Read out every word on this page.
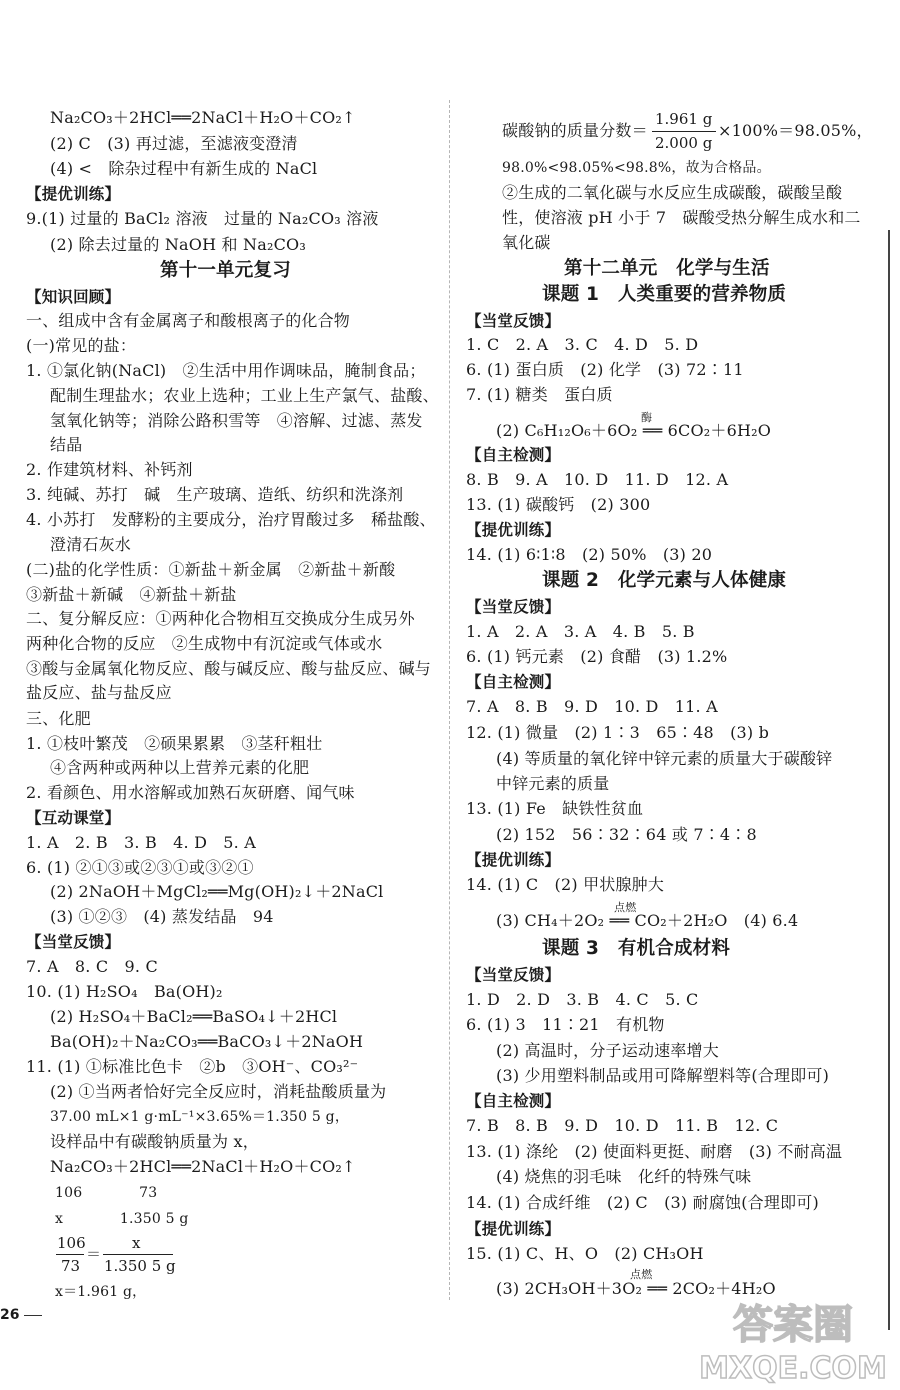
Na₂CO₃＋2HCl══2NaCl＋H₂O＋CO₂↑
(2) C　(3) 再过滤，至滤液变澄清
(4) <　除杂过程中有新生成的 NaCl
【提优训练】
9.(1) 过量的 BaCl₂ 溶液　过量的 Na₂CO₃ 溶液
(2) 除去过量的 NaOH 和 Na₂CO₃
第十一单元复习
【知识回顾】
一、组成中含有金属离子和酸根离子的化合物
(一)常见的盐：
1. ①氯化钠(NaCl)　②生活中用作调味品，腌制食品；
配制生理盐水；农业上选种；工业上生产氯气、盐酸、
氢氧化钠等；消除公路积雪等　④溶解、过滤、蒸发
结晶
2. 作建筑材料、补钙剂
3. 纯碱、苏打　碱　生产玻璃、造纸、纺织和洗涤剂
4. 小苏打　发酵粉的主要成分，治疗胃酸过多　稀盐酸、
澄清石灰水
(二)盐的化学性质：①新盐＋新金属　②新盐＋新酸
③新盐＋新碱　④新盐＋新盐
二、复分解反应：①两种化合物相互交换成分生成另外
两种化合物的反应　②生成物中有沉淀或气体或水
③酸与金属氧化物反应、酸与碱反应、酸与盐反应、碱与
盐反应、盐与盐反应
三、化肥
1. ①枝叶繁茂　②硕果累累　③茎秆粗壮
④含两种或两种以上营养元素的化肥
2. 看颜色、用水溶解或加熟石灰研磨、闻气味
【互动课堂】
1. A　2. B　3. B　4. D　5. A
6. (1) ②①③或②③①或③②①
(2) 2NaOH＋MgCl₂══Mg(OH)₂↓＋2NaCl
(3) ①②③　(4) 蒸发结晶　94
【当堂反馈】
7. A　8. C　9. C
10. (1) H₂SO₄　Ba(OH)₂
(2) H₂SO₄＋BaCl₂══BaSO₄↓＋2HCl
Ba(OH)₂＋Na₂CO₃══BaCO₃↓＋2NaOH
11. (1) ①标准比色卡　②b　③OH⁻、CO₃²⁻
(2) ①当两者恰好完全反应时，消耗盐酸质量为
37.00 mL×1 g·mL⁻¹×3.65%＝1.350 5 g，
设样品中有碳酸钠质量为 x，
Na₂CO₃＋2HCl══2NaCl＋H₂O＋CO₂↑
106　　　　73
x　　　　1.350 5 g
106
73
＝
x
1.350 5 g
x＝1.961 g，
碳酸钠的质量分数＝
1.961 g
2.000 g
×100%＝98.05%，
98.0%<98.05%<98.8%，故为合格品。
②生成的二氧化碳与水反应生成碳酸，碳酸呈酸
性，使溶液 pH 小于 7　碳酸受热分解生成水和二
氧化碳
第十二单元　化学与生活
课题 1　人类重要的营养物质
【当堂反馈】
1. C　2. A　3. C　4. D　5. D
6. (1) 蛋白质　(2) 化学　(3) 72∶11
7. (1) 糖类　蛋白质
(2) C₆H₁₂O₆＋6O₂ ══ 6CO₂＋6H₂O
酶
【自主检测】
8. B　9. A　10. D　11. D　12. A
13. (1) 碳酸钙　(2) 300
【提优训练】
14. (1) 6∶1∶8　(2) 50%　(3) 20
课题 2　化学元素与人体健康
【当堂反馈】
1. A　2. A　3. A　4. B　5. B
6. (1) 钙元素　(2) 食醋　(3) 1.2%
【自主检测】
7. A　8. B　9. D　10. D　11. A
12. (1) 微量　(2) 1∶3　65∶48　(3) b
(4) 等质量的氧化锌中锌元素的质量大于碳酸锌
中锌元素的质量
13. (1) Fe　缺铁性贫血
(2) 152　56∶32∶64 或 7∶4∶8
【提优训练】
14. (1) C　(2) 甲状腺肿大
(3) CH₄＋2O₂ ══ CO₂＋2H₂O　(4) 6.4
点燃
课题 3　有机合成材料
【当堂反馈】
1. D　2. D　3. B　4. C　5. C
6. (1) 3　11∶21　有机物
(2) 高温时，分子运动速率增大
(3) 少用塑料制品或用可降解塑料等(合理即可)
【自主检测】
7. B　8. B　9. D　10. D　11. B　12. C
13. (1) 涤纶　(2) 使面料更挺、耐磨　(3) 不耐高温
(4) 烧焦的羽毛味　化纤的特殊气味
14. (1) 合成纤维　(2) C　(3) 耐腐蚀(合理即可)
【提优训练】
15. (1) C、H、O　(2) CH₃OH
(3) 2CH₃OH＋3O₂ ══ 2CO₂＋4H₂O
点燃
26	答案圈
MXQE.COM
